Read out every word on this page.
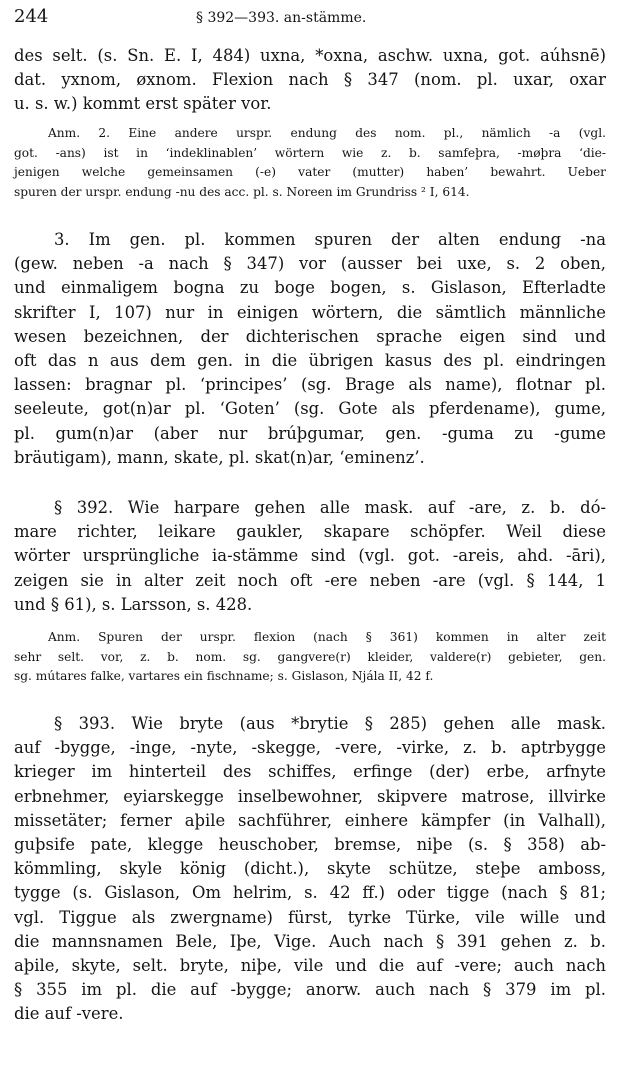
244	§ 392—393. an-stämme.

des selt. (s. Sn. E. I, 484) uxna, *oxna, aschw. uxna, got. aúhsnē)

dat. yxnom, øxnom. Flexion nach § 347 (nom. pl. uxar, oxar

u. s. w.) kommt erst später vor.

Anm. 2. Eine andere urspr. endung des nom. pl., nämlich -a (vgl.

got. -ans) ist in ‘indeklinablen’ wörtern wie z. b. samfeþra, -møþra ‘die-

jenigen welche gemeinsamen (-e) vater (mutter) haben’ bewahrt. Ueber

spuren der urspr. endung -nu des acc. pl. s. Noreen im Grundriss ² I, 614.

3. Im gen. pl. kommen spuren der alten endung -na

(gew. neben -a nach § 347) vor (ausser bei uxe, s. 2 oben,

und einmaligem bogna zu boge bogen, s. Gislason, Efterladte

skrifter I, 107) nur in einigen wörtern, die sämtlich männliche

wesen bezeichnen, der dichterischen sprache eigen sind und

oft das n aus dem gen. in die übrigen kasus des pl. eindringen

lassen: bragnar pl. ‘principes’ (sg. Brage als name), flotnar pl.

seeleute, got(n)ar pl. ‘Goten’ (sg. Gote als pferdename), gume,

pl. gum(n)ar (aber nur brúþgumar, gen. -guma zu -gume

bräutigam), mann, skate, pl. skat(n)ar, ‘eminenz’.

§ 392. Wie harpare gehen alle mask. auf -are, z. b. dó-

mare richter, leikare gaukler, skapare schöpfer. Weil diese

wörter ursprüngliche ia-stämme sind (vgl. got. -areis, ahd. -āri),

zeigen sie in alter zeit noch oft -ere neben -are (vgl. § 144, 1

und § 61), s. Larsson, s. 428.

Anm. Spuren der urspr. flexion (nach § 361) kommen in alter zeit

sehr selt. vor, z. b. nom. sg. gangvere(r) kleider, valdere(r) gebieter, gen.

sg. mútares falke, vartares ein fischname; s. Gislason, Njála II, 42 f.

§ 393. Wie bryte (aus *brytie § 285) gehen alle mask.

auf -bygge, -inge, -nyte, -skegge, -vere, -virke, z. b. aptrbygge

krieger im hinterteil des schiffes, erfinge (der) erbe, arfnyte

erbnehmer, eyiarskegge inselbewohner, skipvere matrose, illvirke

missetäter; ferner aþile sachführer, einhere kämpfer (in Valhall),

guþsife pate, klegge heuschober, bremse, niþe (s. § 358) ab-

kömmling, skyle könig (dicht.), skyte schütze, steþe amboss,

tygge (s. Gislason, Om helrim, s. 42 ff.) oder tigge (nach § 81;

vgl. Tiggue als zwergname) fürst, tyrke Türke, vile wille und

die mannsnamen Bele, Iþe, Vige. Auch nach § 391 gehen z. b.

aþile, skyte, selt. bryte, niþe, vile und die auf -vere; auch nach

§ 355 im pl. die auf -bygge; anorw. auch nach § 379 im pl.

die auf -vere.
